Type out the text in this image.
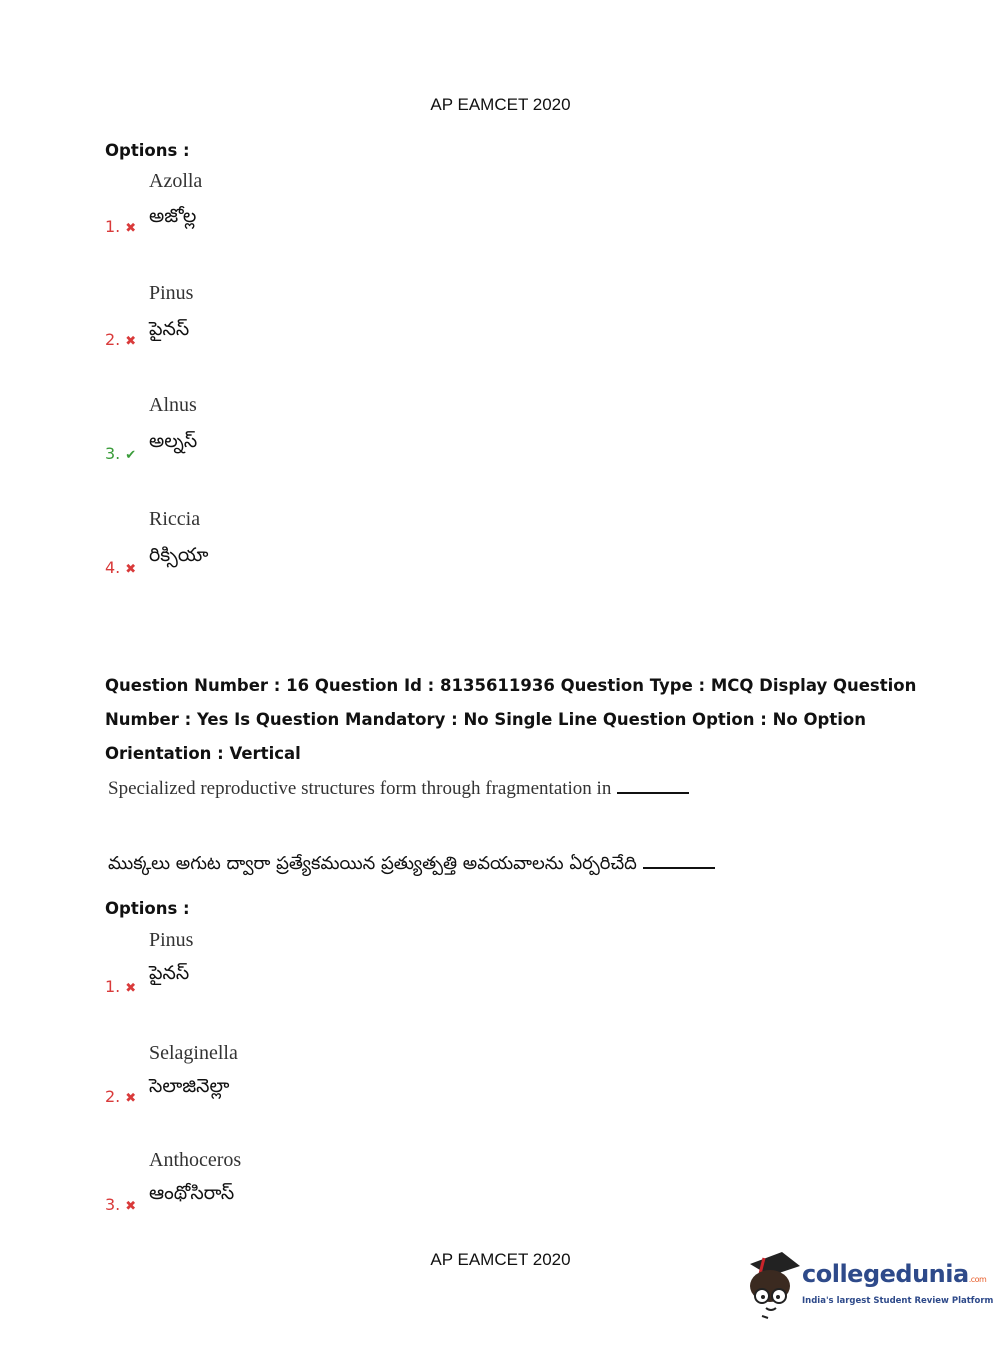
AP EAMCET 2020
Options :
Azolla
అజోల్ల
1. ✖
Pinus
పైనస్
2. ✖
Alnus
అల్నస్
3. ✔
Riccia
రిక్సియా
4. ✖
Question Number : 16 Question Id : 8135611936 Question Type : MCQ Display Question
Number : Yes Is Question Mandatory : No Single Line Question Option : No Option
Orientation : Vertical
Specialized reproductive structures form through fragmentation in
ముక్కలు అగుట ద్వారా ప్రత్యేకమయిన ప్రత్యుత్పత్తి అవయవాలను ఏర్పరిచేది
Options :
Pinus
పైనస్
1. ✖
Selaginella
సెలాజినెల్లా
2. ✖
Anthoceros
ఆంథోసిరాస్
3. ✖
AP EAMCET 2020
collegedunia.com
India's largest Student Review Platform
